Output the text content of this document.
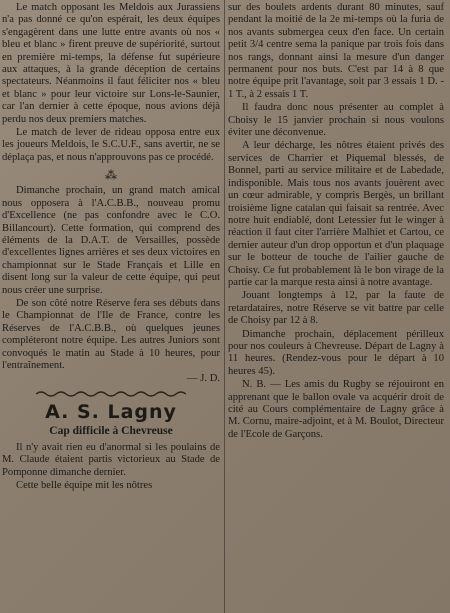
Le match opposant les Meldois aux Jurassiens n'a pas donné ce qu'on espérait, les deux équipes s'engagèrent dans une lutte entre avants où nos « bleu et blanc » firent preuve de supériorité, surtout en première mi-temps, la défense fut supérieure aux attaques, à la grande déception de certains spectateurs. Néanmoins il faut féliciter nos « bleu et blanc » pour leur victoire sur Lons-le-Saunier, car l'an dernier à cette époque, nous avions déjà perdu nos deux premiers matches.

Le match de lever de rideau opposa entre eux les joueurs Meldois, le S.C.U.F., sans avertir, ne se déplaça pas, et nous n'approuvons pas ce procédé.

⁂

Dimanche prochain, un grand match amical nous opposera à l'A.C.B.B., nouveau promu d'Excellence (ne pas confondre avec le C.O. Billancourt). Cette formation, qui comprend des éléments de la D.A.T. de Versailles, possède d'excellentes lignes arrières et ses deux victoires en championnat sur le Stade Français et Lille en disent long sur la valeur de cette équipe, qui peut nous créer une surprise.

De son côté notre Réserve fera ses débuts dans le Championnat de l'Ile de France, contre les Réserves de l'A.C.B.B., où quelques jeunes compléteront notre équipe. Les autres Juniors sont convoqués le matin au Stade à 10 heures, pour l'entraînement.

— J. D.
A. S. Lagny
Cap difficile à Chevreuse

Il n'y avait rien eu d'anormal si les poulains de M. Claude étaient partis victorieux au Stade de Pomponne dimanche dernier.

Cette belle équipe mit les nôtres

sur des boulets ardents durant 80 minutes, sauf pendant la moitié de la 2e mi-temps où la furia de nos avants submergea ceux d'en face. Un certain petit 3/4 centre sema la panique par trois fois dans nos rangs, donnant ainsi la mesure d'un danger permanent pour nos buts. C'est par 14 à 8 que notre équipe prit l'avantage, soit par 3 essais 1 D. - 1 T., à 2 essais 1 T.

Il faudra donc nous présenter au complet à Choisy le 15 janvier prochain si nous voulons éviter une déconvenue.

A leur décharge, les nôtres étaient privés des services de Charrier et Piquemal blessés, de Bonnel, parti au service militaire et de Labedade, indisponible. Mais tous nos avants jouèrent avec un cœur admirable, y compris Bergès, un brillant troisième ligne catalan qui faisait sa rentrée. Avec notre huit endiablé, dont Letessier fut le winger à réaction il faut citer l'arrière Malhiet et Cartou, ce dernier auteur d'un drop opportun et d'un plaquage sur le botteur de touche de l'ailier gauche de Choisy. Ce fut probablement là le bon virage de la partie car la marque resta ainsi à notre avantage.

Jouant longtemps à 12, par la faute de retardataires, notre Réserve se vit battre par celle de Choisy par 12 à 8.

Dimanche prochain, déplacement périlleux pour nos couleurs à Chevreuse. Départ de Lagny à 11 heures. (Rendez-vous pour le départ à 10 heures 45).

N. B. — Les amis du Rugby se réjouiront en apprenant que le ballon ovale va acquérir droit de cité au Cours complémentaire de Lagny grâce à M. Cornu, maire-adjoint, et à M. Boulot, Directeur de l'Ecole de Garçons.
